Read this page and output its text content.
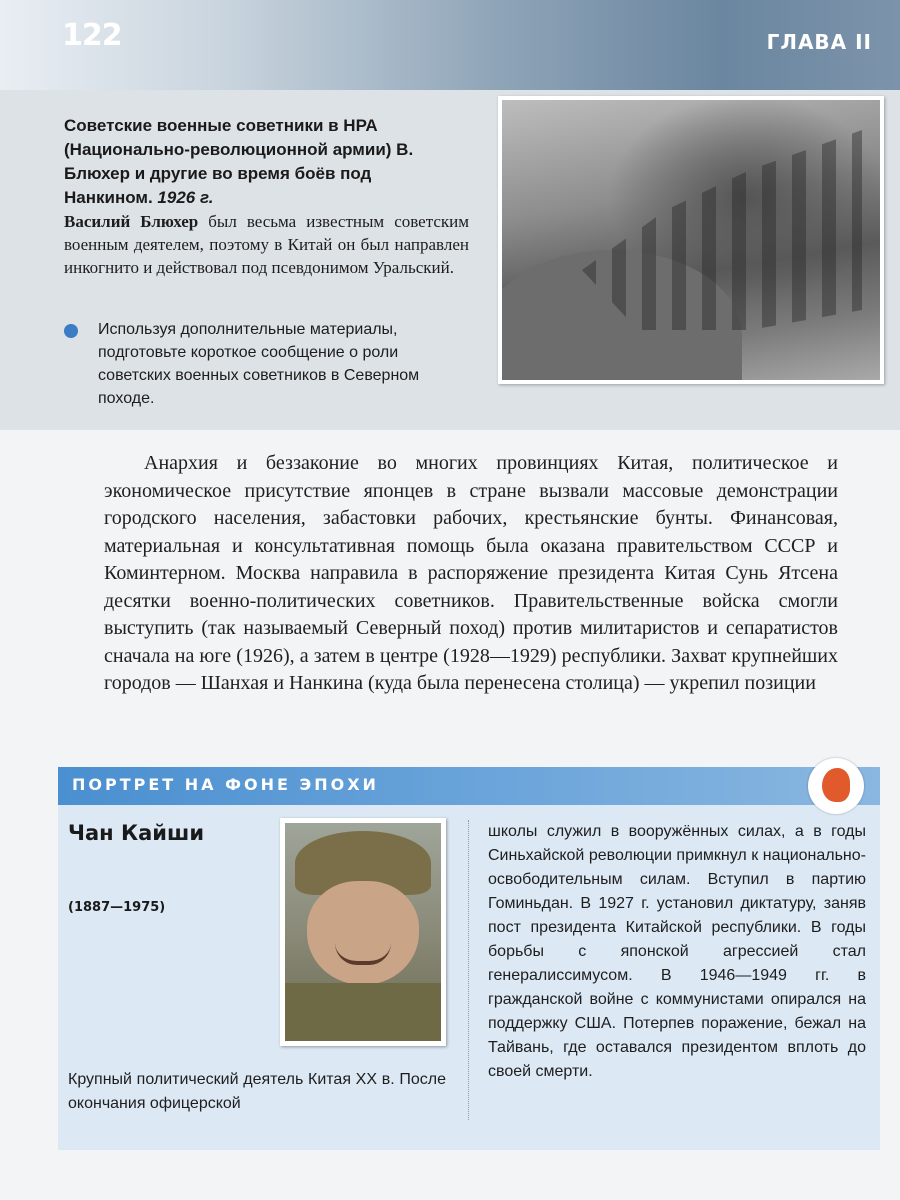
122	ГЛАВА II
Советские военные советники в НРА (Национально-революционной армии) В. Блюхер и другие во время боёв под Нанкином. 1926 г.
Василий Блюхер был весьма известным советским военным деятелем, поэтому в Китай он был направлен инкогнито и действовал под псевдонимом Уральский.
Используя дополнительные материалы, подготовьте короткое сообщение о роли советских военных советников в Северном походе.
Анархия и беззаконие во многих провинциях Китая, политическое и экономическое присутствие японцев в стране вызвали массовые демонстрации городского населения, забастовки рабочих, крестьянские бунты. Финансовая, материальная и консультативная помощь была оказана правительством СССР и Коминтерном. Москва направила в распоряжение президента Китая Сунь Ятсена десятки военно-политических советников. Правительственные войска смогли выступить (так называемый Северный поход) против милитаристов и сепаратистов сначала на юге (1926), а затем в центре (1928—1929) республики. Захват крупнейших городов — Шанхая и Нанкина (куда была перенесена столица) — укрепил позиции
ПОРТРЕТ НА ФОНЕ ЭПОХИ
Чан Кайши
(1887—1975)
школы служил в вооружённых силах, а в годы Синьхайской революции примкнул к национально-освободительным силам. Вступил в партию Гоминьдан. В 1927 г. установил диктатуру, заняв пост президента Китайской республики. В годы борьбы с японской агрессией стал генералиссимусом. В 1946—1949 гг. в гражданской войне с коммунистами опирался на поддержку США. Потерпев поражение, бежал на Тайвань, где оставался президентом вплоть до своей смерти.
Крупный политический деятель Китая XX в. После окончания офицерской
